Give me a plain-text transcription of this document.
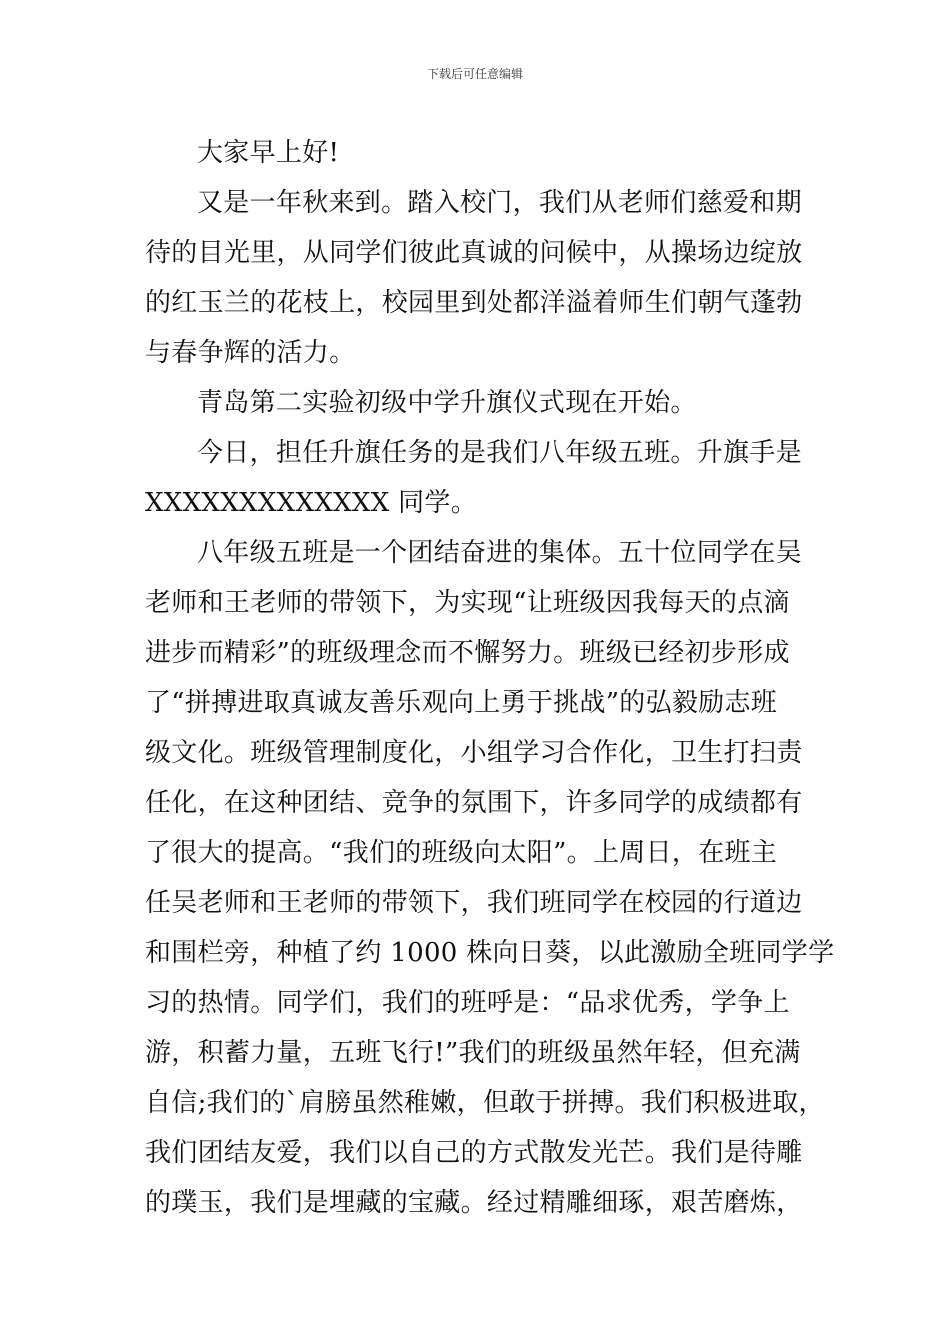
下载后可任意编辑
大家早上好!
又是一年秋来到。踏入校门，我们从老师们慈爱和期
待的目光里，从同学们彼此真诚的问候中，从操场边绽放
的红玉兰的花枝上，校园里到处都洋溢着师生们朝气蓬勃
与春争辉的活力。
青岛第二实验初级中学升旗仪式现在开始。
今日，担任升旗任务的是我们八年级五班。升旗手是
XXXXXXXXXXXXX 同学。
八年级五班是一个团结奋进的集体。五十位同学在吴
老师和王老师的带领下，为实现“让班级因我每天的点滴
进步而精彩”的班级理念而不懈努力。班级已经初步形成
了“拼搏进取真诚友善乐观向上勇于挑战”的弘毅励志班
级文化。班级管理制度化，小组学习合作化，卫生打扫责
任化，在这种团结、竞争的氛围下，许多同学的成绩都有
了很大的提高。“我们的班级向太阳”。上周日，在班主
任吴老师和王老师的带领下，我们班同学在校园的行道边
和围栏旁，种植了约 1000 株向日葵，以此激励全班同学学
习的热情。同学们，我们的班呼是：“品求优秀，学争上
游，积蓄力量，五班飞行!”我们的班级虽然年轻，但充满
自信;我们的`肩膀虽然稚嫩，但敢于拼搏。我们积极进取，
我们团结友爱，我们以自己的方式散发光芒。我们是待雕
的璞玉，我们是埋藏的宝藏。经过精雕细琢，艰苦磨炼，
